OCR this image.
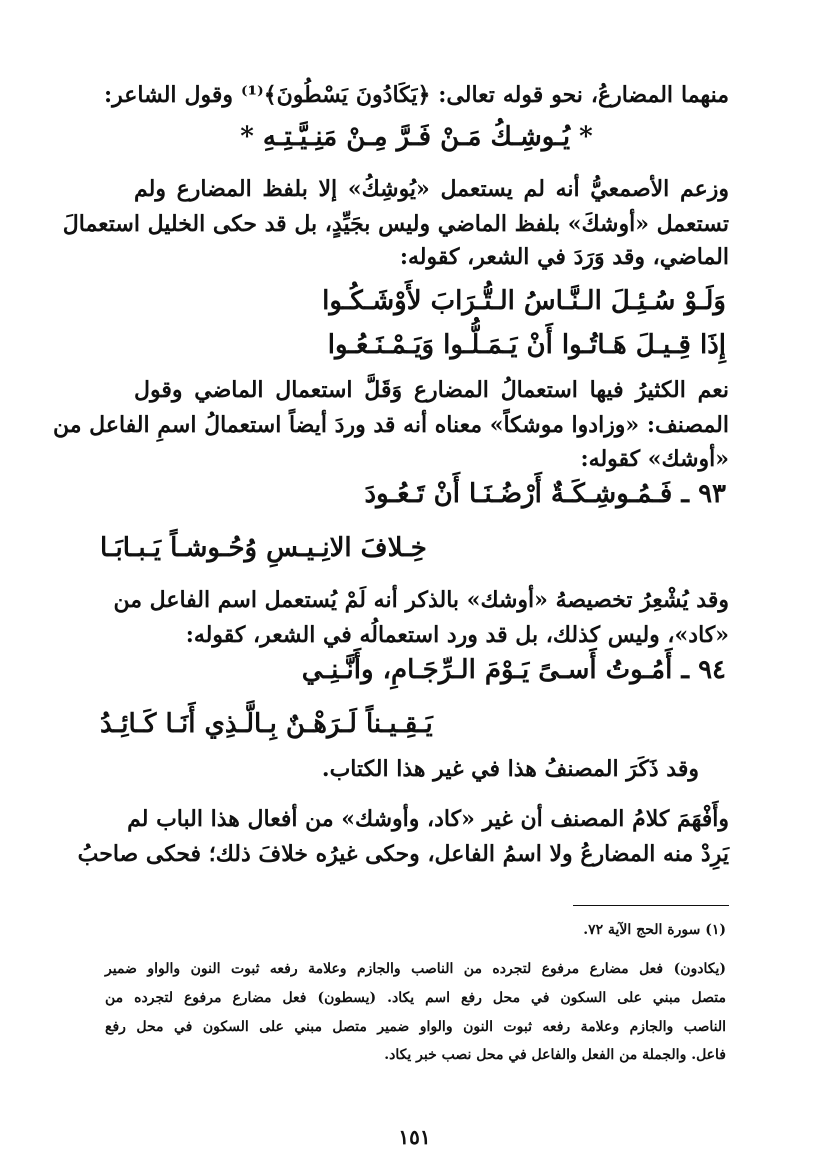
منهما المضارعُ، نحو قوله تعالى: ﴿يَكَادُونَ يَسْطُونَ﴾⁽¹⁾ وقول الشاعر:
* يُـوشِـكُ مَـنْ فَـرَّ مِـنْ مَنِـيَّـتِـهِ *
وزعم الأصمعيُّ أنه لم يستعمل «يُوشِكُ» إلا بلفظ المضارع ولم
تستعمل «أوشكَ» بلفظ الماضي وليس بجَيِّدٍ، بل قد حكى الخليل استعمالَ
الماضي، وقد وَرَدَ في الشعر، كقوله:
وَلَـوْ سُـئِـلَ الـنَّـاسُ الـتُّـرَابَ لأَوْشَـكُـوا
إِذَا قِـيـلَ هَـاتُـوا أَنْ يَـمَـلُّـوا وَيَـمْـنَـعُـوا
نعم الكثيرُ فيها استعمالُ المضارع وَقَلَّ استعمال الماضي وقول
المصنف: «وزادوا موشكاً» معناه أنه قد وردَ أيضاً استعمالُ اسمِ الفاعل من
«أوشك» كقوله:
٩٣ ـ فَـمُـوشِـكَـةٌ أَرْضُـنَـا أَنْ تَـعُـودَ
خِـلافَ الانِـيـسِ وُحُـوشـاً يَـبـابَـا
وقد يُشْعِرُ تخصيصهُ «أوشك» بالذكر أنه لَمْ يُستعمل اسم الفاعل من
«كاد»، وليس كذلك، بل قد ورد استعمالُه في الشعر، كقوله:
٩٤ ـ أَمُـوتُ أَسـىً يَـوْمَ الـرِّجَـامِ، وأَنَّـنِـي
يَـقِـيـناً لَـرَهْـنٌ بِـالَّـذِي أَنَـا كَـائِـدُ
وقد ذَكَرَ المصنفُ هذا في غير هذا الكتاب.
وأَفْهَمَ كلامُ المصنف أن غير «كاد، وأوشك» من أفعال هذا الباب لم
يَرِدْ منه المضارعُ ولا اسمُ الفاعل، وحكى غيرُه خلافَ ذلك؛ فحكى صاحبُ
(١) سورة الحج الآية ٧٢.
(يكادون) فعل مضارع مرفوع لتجرده من الناصب والجازم وعلامة رفعه ثبوت النون والواو ضمير
متصل مبني على السكون في محل رفع اسم يكاد. (يسطون) فعل مضارع مرفوع لتجرده من
الناصب والجازم وعلامة رفعه ثبوت النون والواو ضمير متصل مبني على السكون في محل رفع
فاعل. والجملة من الفعل والفاعل في محل نصب خبر يكاد.
١٥١
